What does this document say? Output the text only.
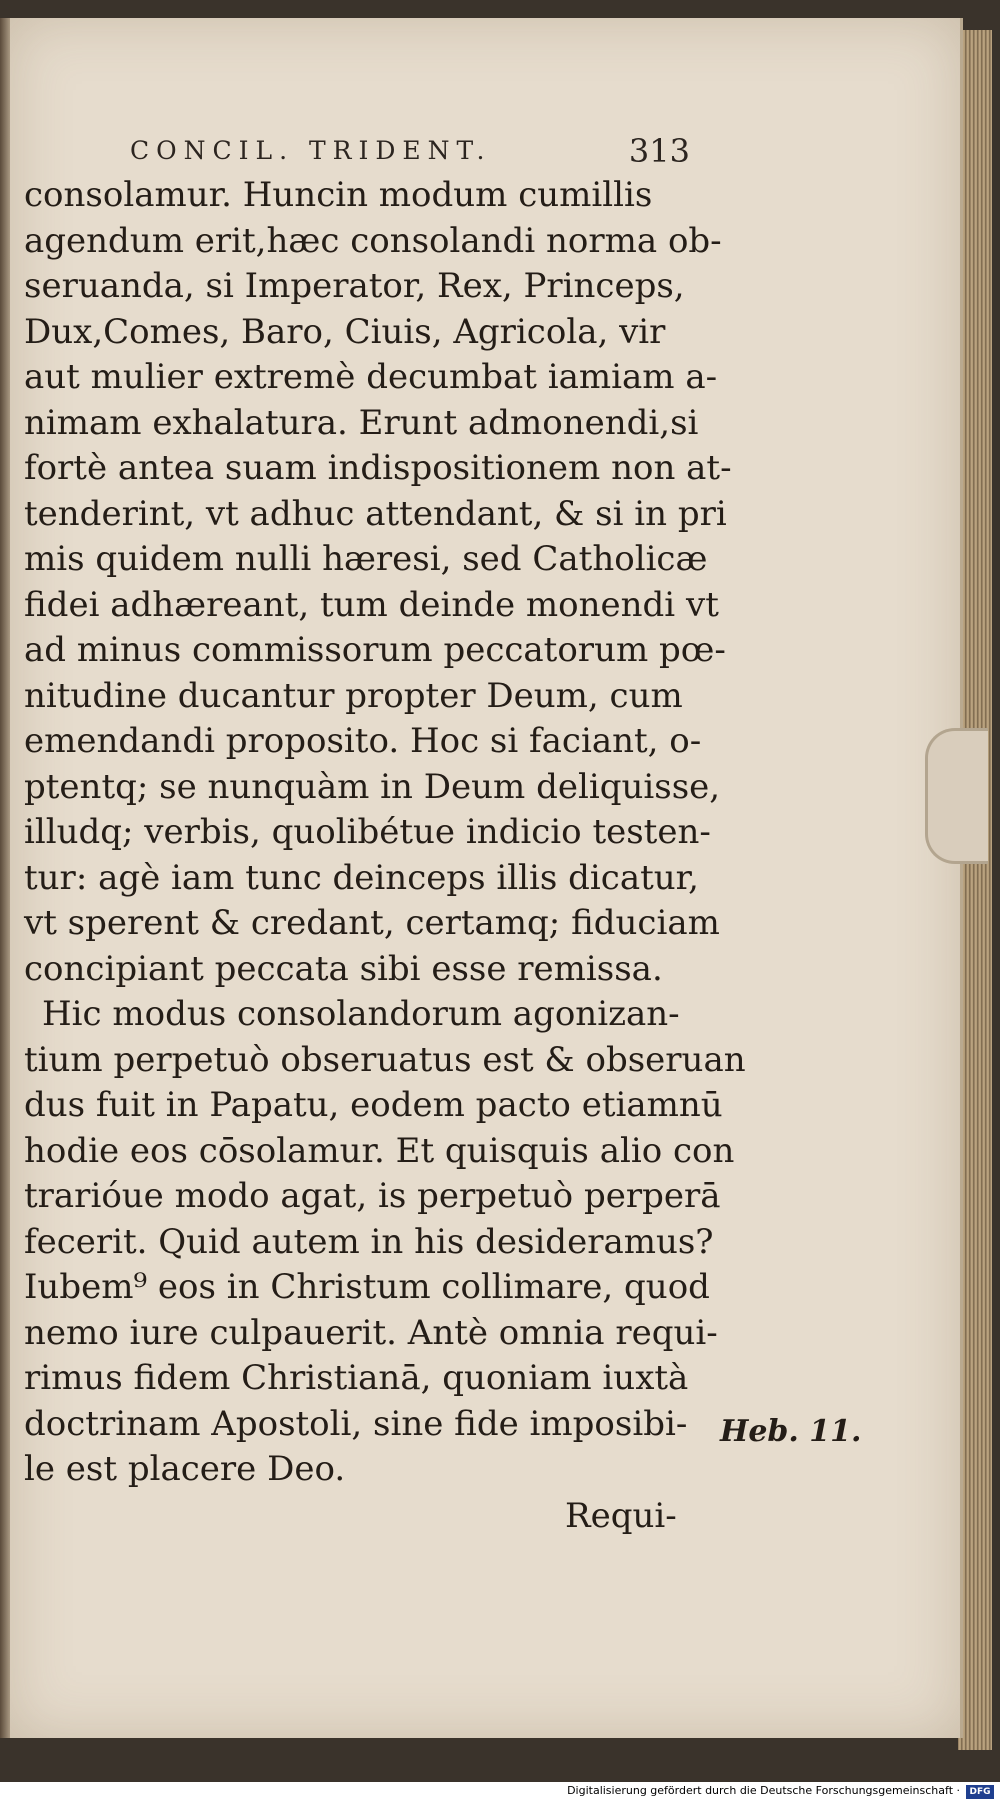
CONCIL. TRIDENT.	313
consolamur. Huncin modum cumillis
agendum erit,hæc consolandi norma ob-
seruanda, si Imperator, Rex, Princeps,
Dux,Comes, Baro, Ciuis, Agricola, vir
aut mulier extremè decumbat iamiam a-
nimam exhalatura. Erunt admonendi,si
fortè antea suam indispositionem non at-
tenderint, vt adhuc attendant, & si in pri
mis quidem nulli hæresi, sed Catholicæ
fidei adhæreant, tum deinde monendi vt
ad minus commissorum peccatorum pœ-
nitudine ducantur propter Deum, cum
emendandi proposito. Hoc si faciant, o-
ptentq; se nunquàm in Deum deliquisse,
illudq; verbis, quolibétue indicio testen-
tur: agè iam tunc deinceps illis dicatur,
vt sperent & credant, certamq; fiduciam
concipiant peccata sibi esse remissa.
Hic modus consolandorum agonizan-
tium perpetuò obseruatus est & obseruan
dus fuit in Papatu, eodem pacto etiamnū
hodie eos cōsolamur. Et quisquis alio con
trarióue modo agat, is perpetuò perperā
fecerit. Quid autem in his desideramus?
Iubem⁹ eos in Christum collimare, quod
nemo iure culpauerit. Antè omnia requi-
rimus fidem Christianā, quoniam iuxtà
doctrinam Apostoli, sine fide imposibi-
le est placere Deo.
Heb. 11.
Requi-
Digitalisierung gefördert durch die Deutsche Forschungsgemeinschaft ·	DFG
